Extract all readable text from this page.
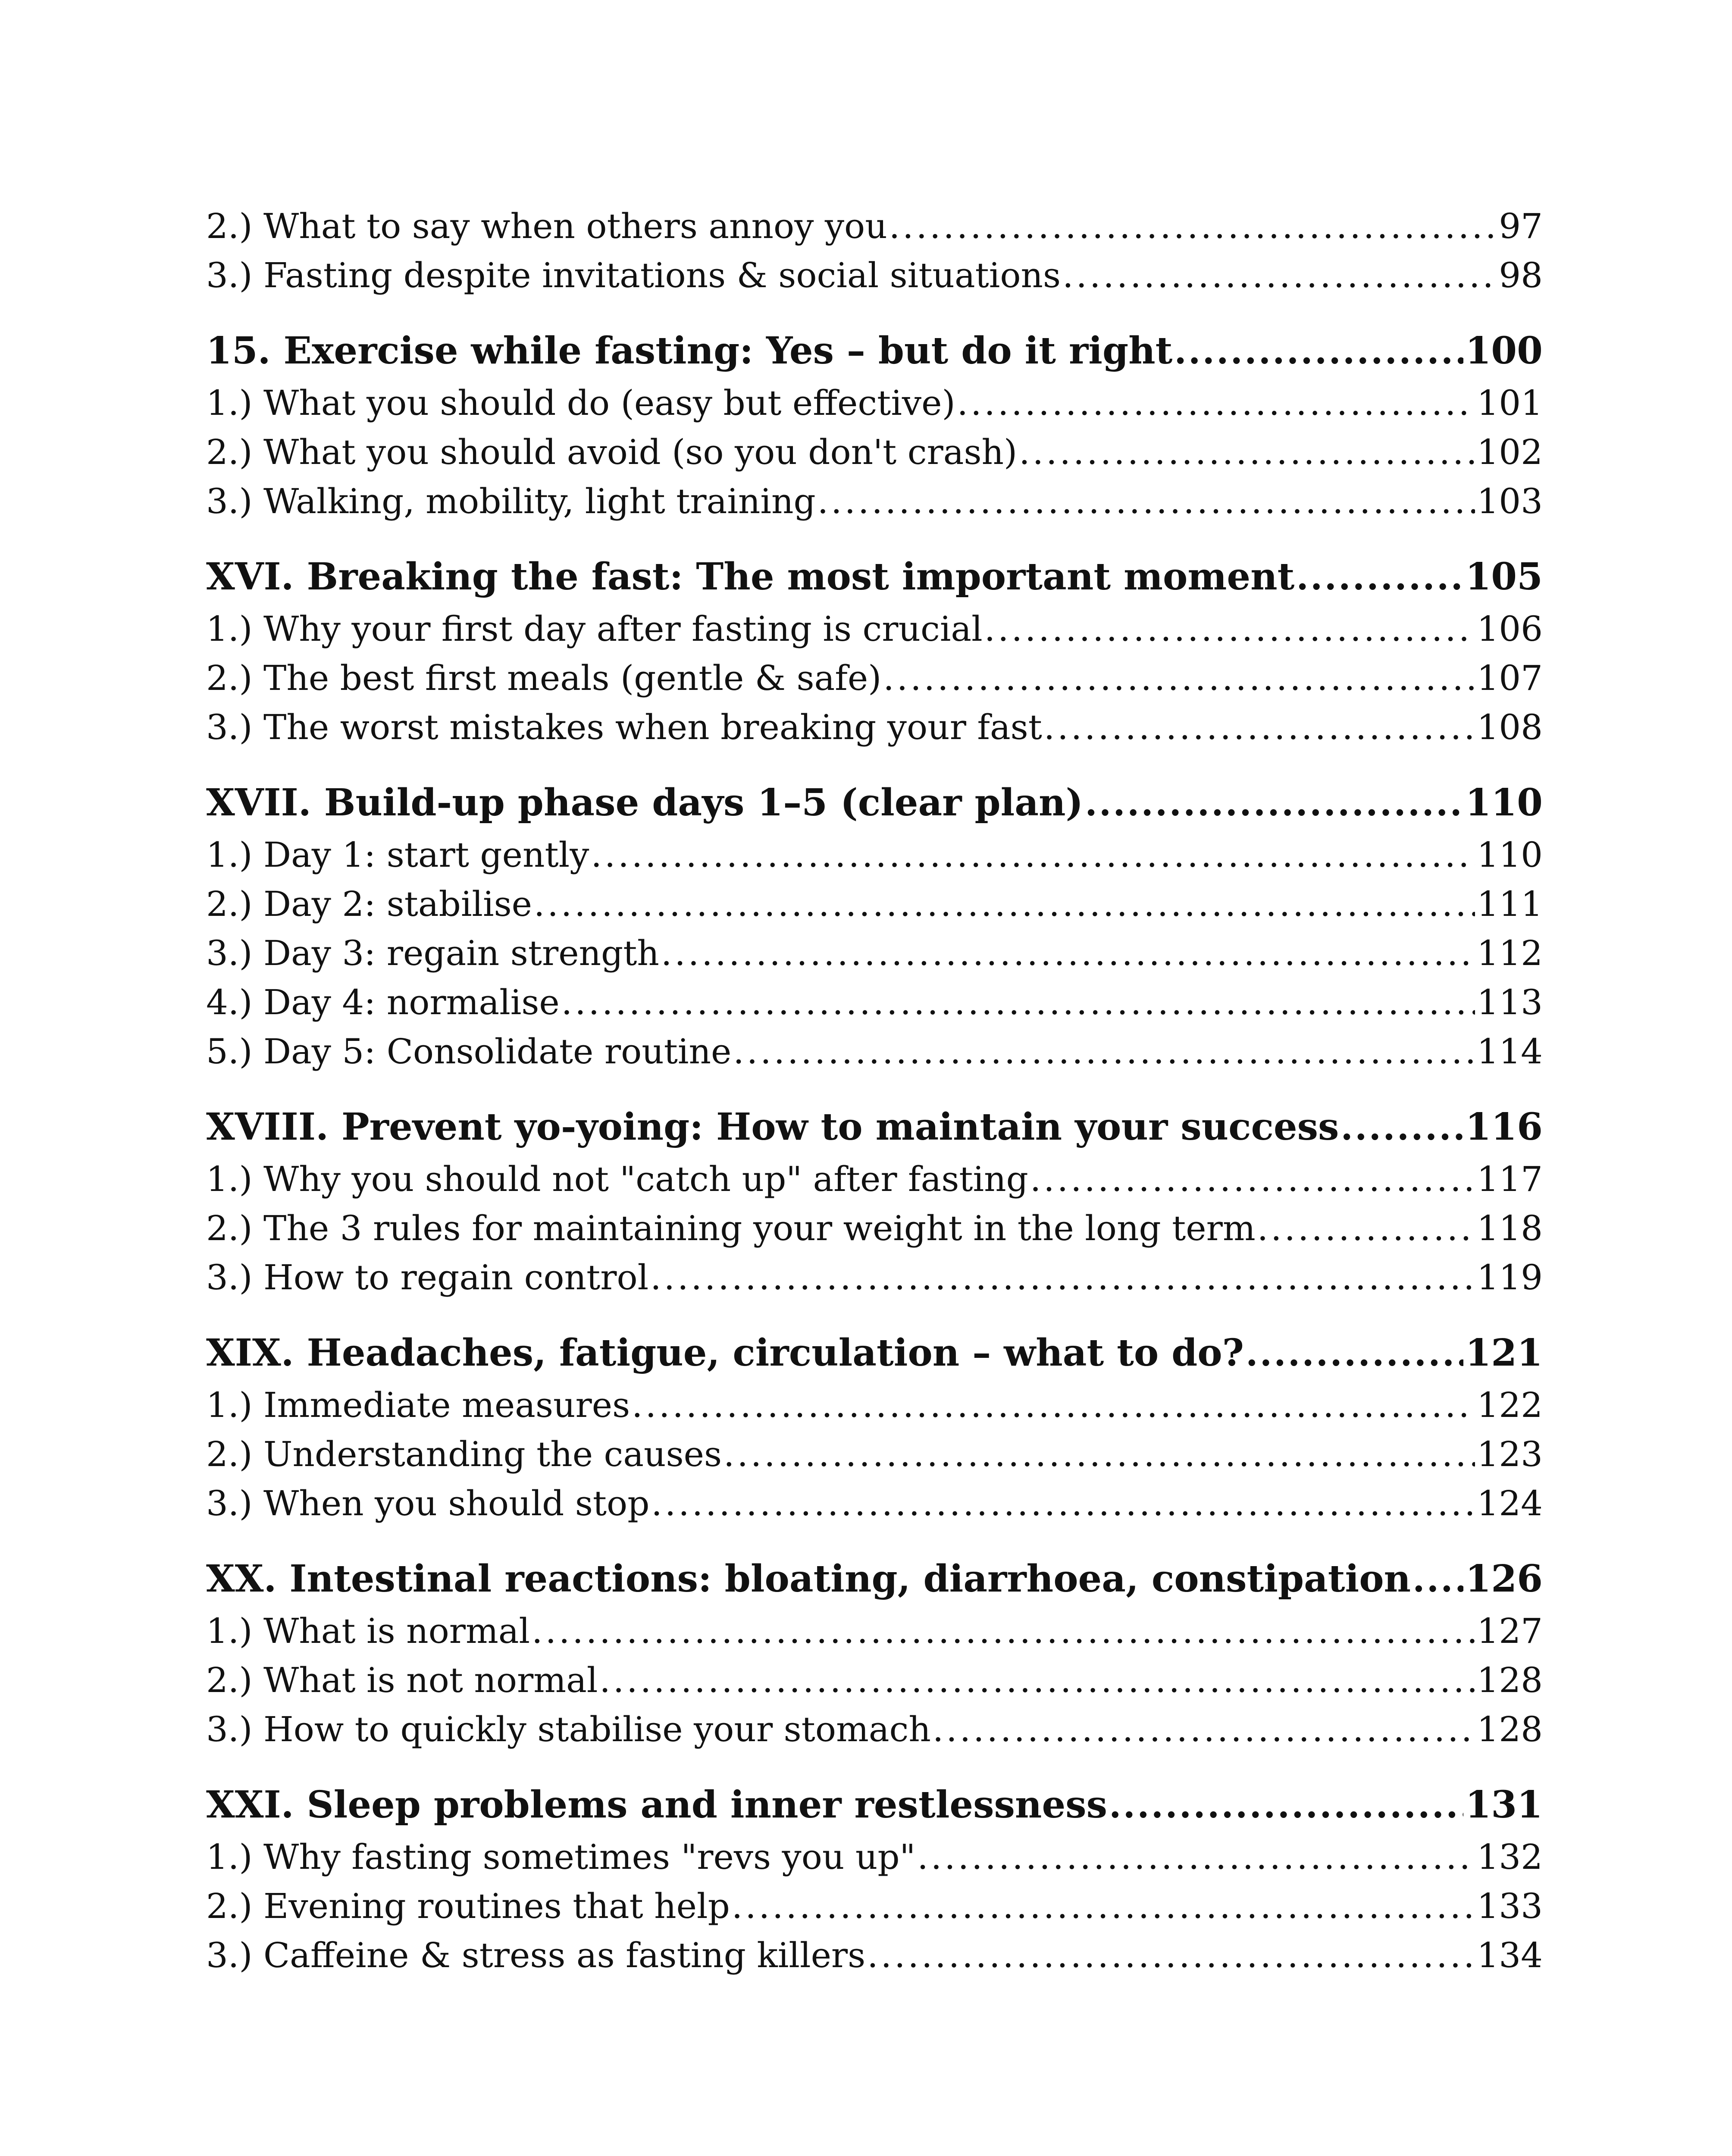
2.) What to say when others annoy you .....	97
3.) Fasting despite invitations & social situations .....	98
15. Exercise while fasting: Yes – but do it right .....	100
1.) What you should do (easy but effective) .....	101
2.) What you should avoid (so you don't crash) .....	102
3.) Walking, mobility, light training .....	103
XVI. Breaking the fast: The most important moment .....	105
1.) Why your first day after fasting is crucial .....	106
2.) The best first meals (gentle & safe) .....	107
3.) The worst mistakes when breaking your fast .....	108
XVII. Build-up phase days 1–5 (clear plan) .....	110
1.) Day 1: start gently .....	110
2.) Day 2: stabilise .....	111
3.) Day 3: regain strength .....	112
4.) Day 4: normalise .....	113
5.) Day 5: Consolidate routine .....	114
XVIII. Prevent yo-yoing: How to maintain your success .....	116
1.) Why you should not "catch up" after fasting .....	117
2.) The 3 rules for maintaining your weight in the long term .....	118
3.) How to regain control .....	119
XIX. Headaches, fatigue, circulation – what to do? .....	121
1.) Immediate measures .....	122
2.) Understanding the causes .....	123
3.) When you should stop .....	124
XX. Intestinal reactions: bloating, diarrhoea, constipation ..... 126
1.) What is normal .....	127
2.) What is not normal .....	128
3.) How to quickly stabilise your stomach .....	128
XXI. Sleep problems and inner restlessness .....	131
1.) Why fasting sometimes "revs you up" .....	132
2.) Evening routines that help .....	133
3.) Caffeine & stress as fasting killers .....	134
